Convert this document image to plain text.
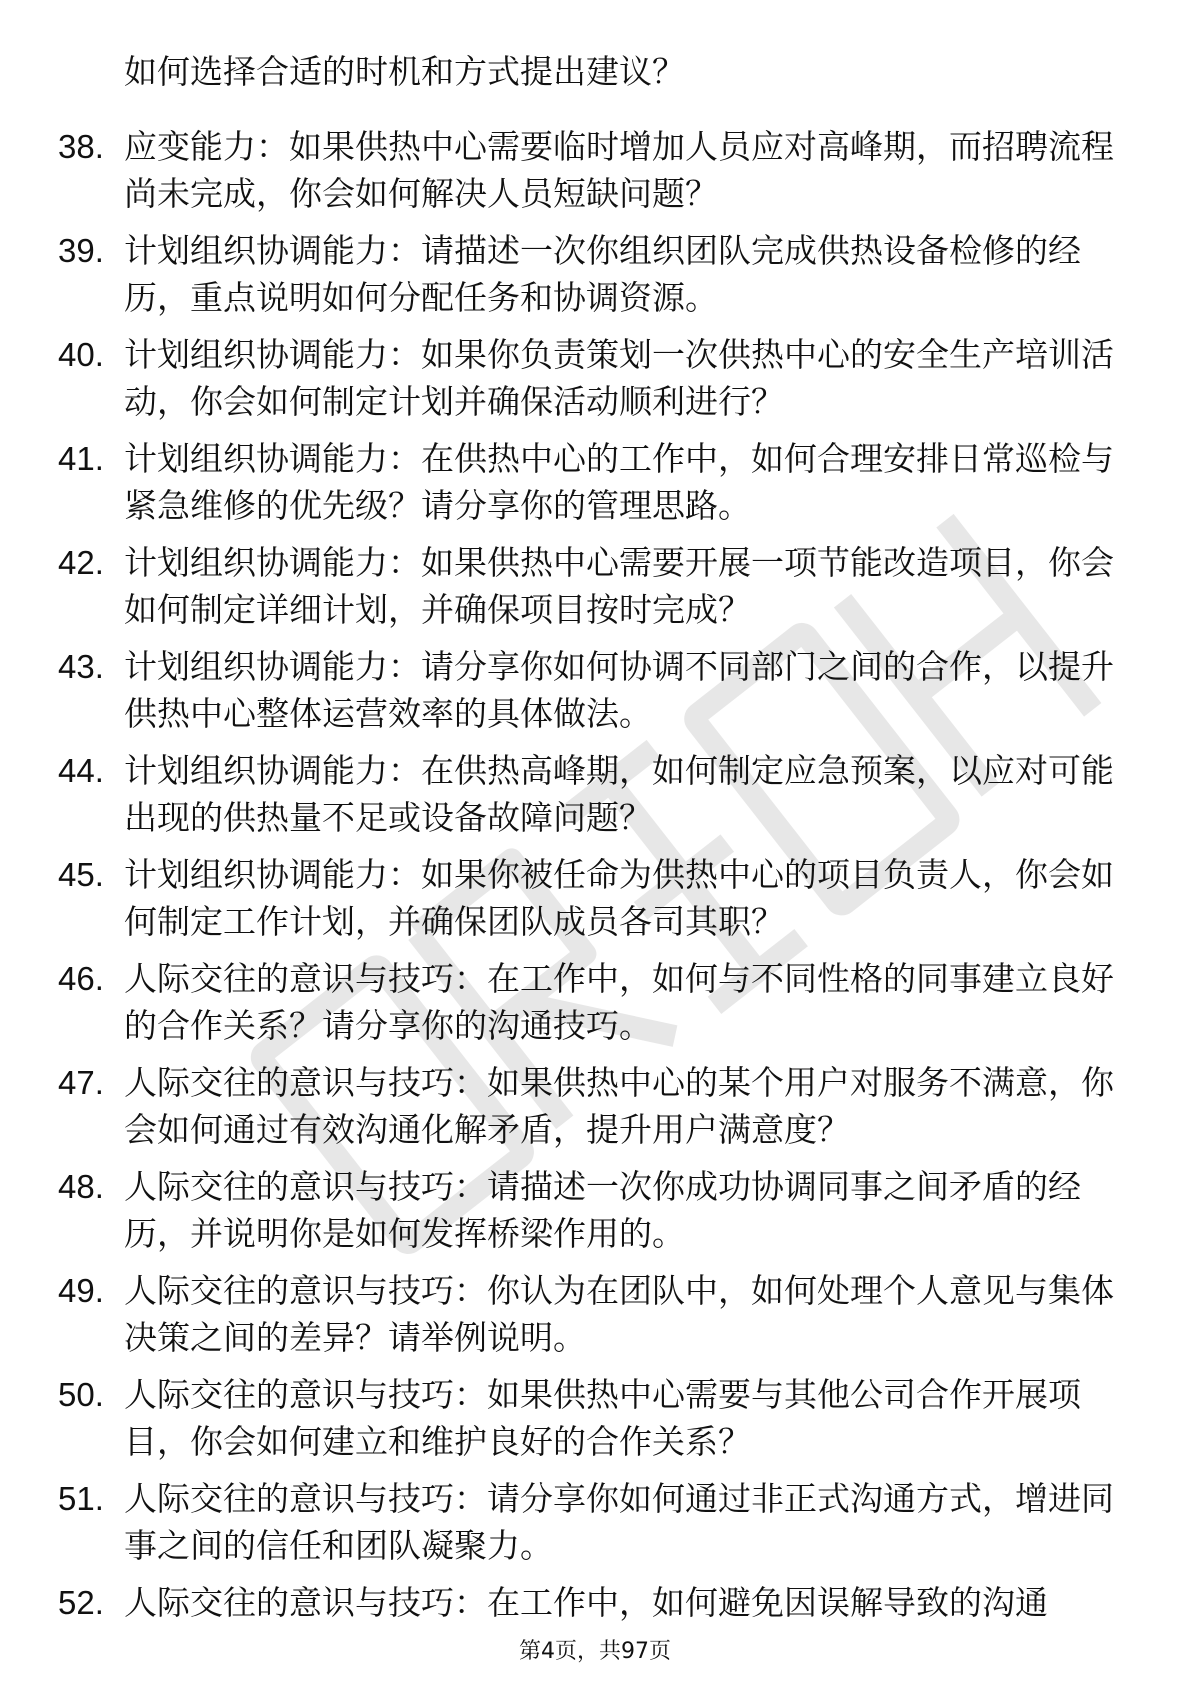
如何选择合适的时机和方式提出建议？
38. 应变能力：如果供热中心需要临时增加人员应对高峰期，而招聘流程尚未完成，你会如何解决人员短缺问题？
39. 计划组织协调能力：请描述一次你组织团队完成供热设备检修的经历，重点说明如何分配任务和协调资源。
40. 计划组织协调能力：如果你负责策划一次供热中心的安全生产培训活动，你会如何制定计划并确保活动顺利进行？
41. 计划组织协调能力：在供热中心的工作中，如何合理安排日常巡检与紧急维修的优先级？请分享你的管理思路。
42. 计划组织协调能力：如果供热中心需要开展一项节能改造项目，你会如何制定详细计划，并确保项目按时完成？
43. 计划组织协调能力：请分享你如何协调不同部门之间的合作，以提升供热中心整体运营效率的具体做法。
44. 计划组织协调能力：在供热高峰期，如何制定应急预案，以应对可能出现的供热量不足或设备故障问题？
45. 计划组织协调能力：如果你被任命为供热中心的项目负责人，你会如何制定工作计划，并确保团队成员各司其职？
46. 人际交往的意识与技巧：在工作中，如何与不同性格的同事建立良好的合作关系？请分享你的沟通技巧。
47. 人际交往的意识与技巧：如果供热中心的某个用户对服务不满意，你会如何通过有效沟通化解矛盾，提升用户满意度？
48. 人际交往的意识与技巧：请描述一次你成功协调同事之间矛盾的经历，并说明你是如何发挥桥梁作用的。
49. 人际交往的意识与技巧：你认为在团队中，如何处理个人意见与集体决策之间的差异？请举例说明。
50. 人际交往的意识与技巧：如果供热中心需要与其他公司合作开展项目，你会如何建立和维护良好的合作关系？
51. 人际交往的意识与技巧：请分享你如何通过非正式沟通方式，增进同事之间的信任和团队凝聚力。
52. 人际交往的意识与技巧：在工作中，如何避免因误解导致的沟通
第4页，共97页
